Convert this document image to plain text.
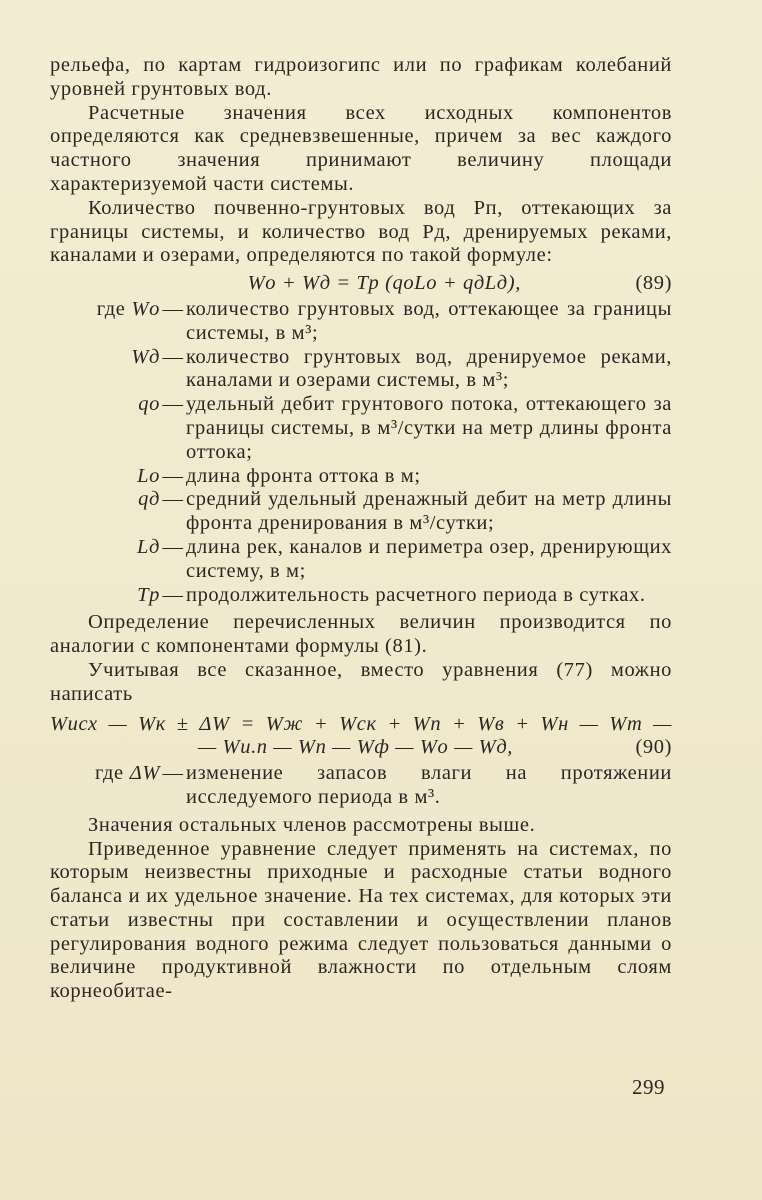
рельефа, по картам гидроизогипс или по графикам колебаний уровней грунтовых вод.

Расчетные значения всех исходных компонентов определяются как средневзвешенные, причем за вес каждого частного значения принимают величину площади характеризуемой части системы.

Количество почвенно-грунтовых вод Pп, оттекающих за границы системы, и количество вод Pд, дренируемых реками, каналами и озерами, определяются по такой формуле:

Wо + Wд = Tр (qоLо + qдLд),	(89)
где Wо — количество грунтовых вод, оттекающее за границы системы, в м³;
Wд — количество грунтовых вод, дренируемое реками, каналами и озерами системы, в м³;
qо — удельный дебит грунтового потока, оттекающего за границы системы, в м³/сутки на метр длины фронта оттока;
Lо — длина фронта оттока в м;
qд — средний удельный дренажный дебит на метр длины фронта дренирования в м³/сутки;
Lд — длина рек, каналов и периметра озер, дренирующих систему, в м;
Tр — продолжительность расчетного периода в сутках.

Определение перечисленных величин производится по аналогии с компонентами формулы (81).

Учитывая все сказанное, вместо уравнения (77) можно написать

Wисх — Wк ± ΔW = Wж + Wск + Wп + Wв + Wн — Wт —
— Wи.п — Wп — Wф — Wо — Wд,	(90)
где ΔW — изменение запасов влаги на протяжении исследуемого периода в м³.

Значения остальных членов рассмотрены выше.

Приведенное уравнение следует применять на системах, по которым неизвестны приходные и расходные статьи водного баланса и их удельное значение. На тех системах, для которых эти статьи известны при составлении и осуществлении планов регулирования водного режима следует пользоваться данными о величине продуктивной влажности по отдельным слоям корнеобитае-

299
